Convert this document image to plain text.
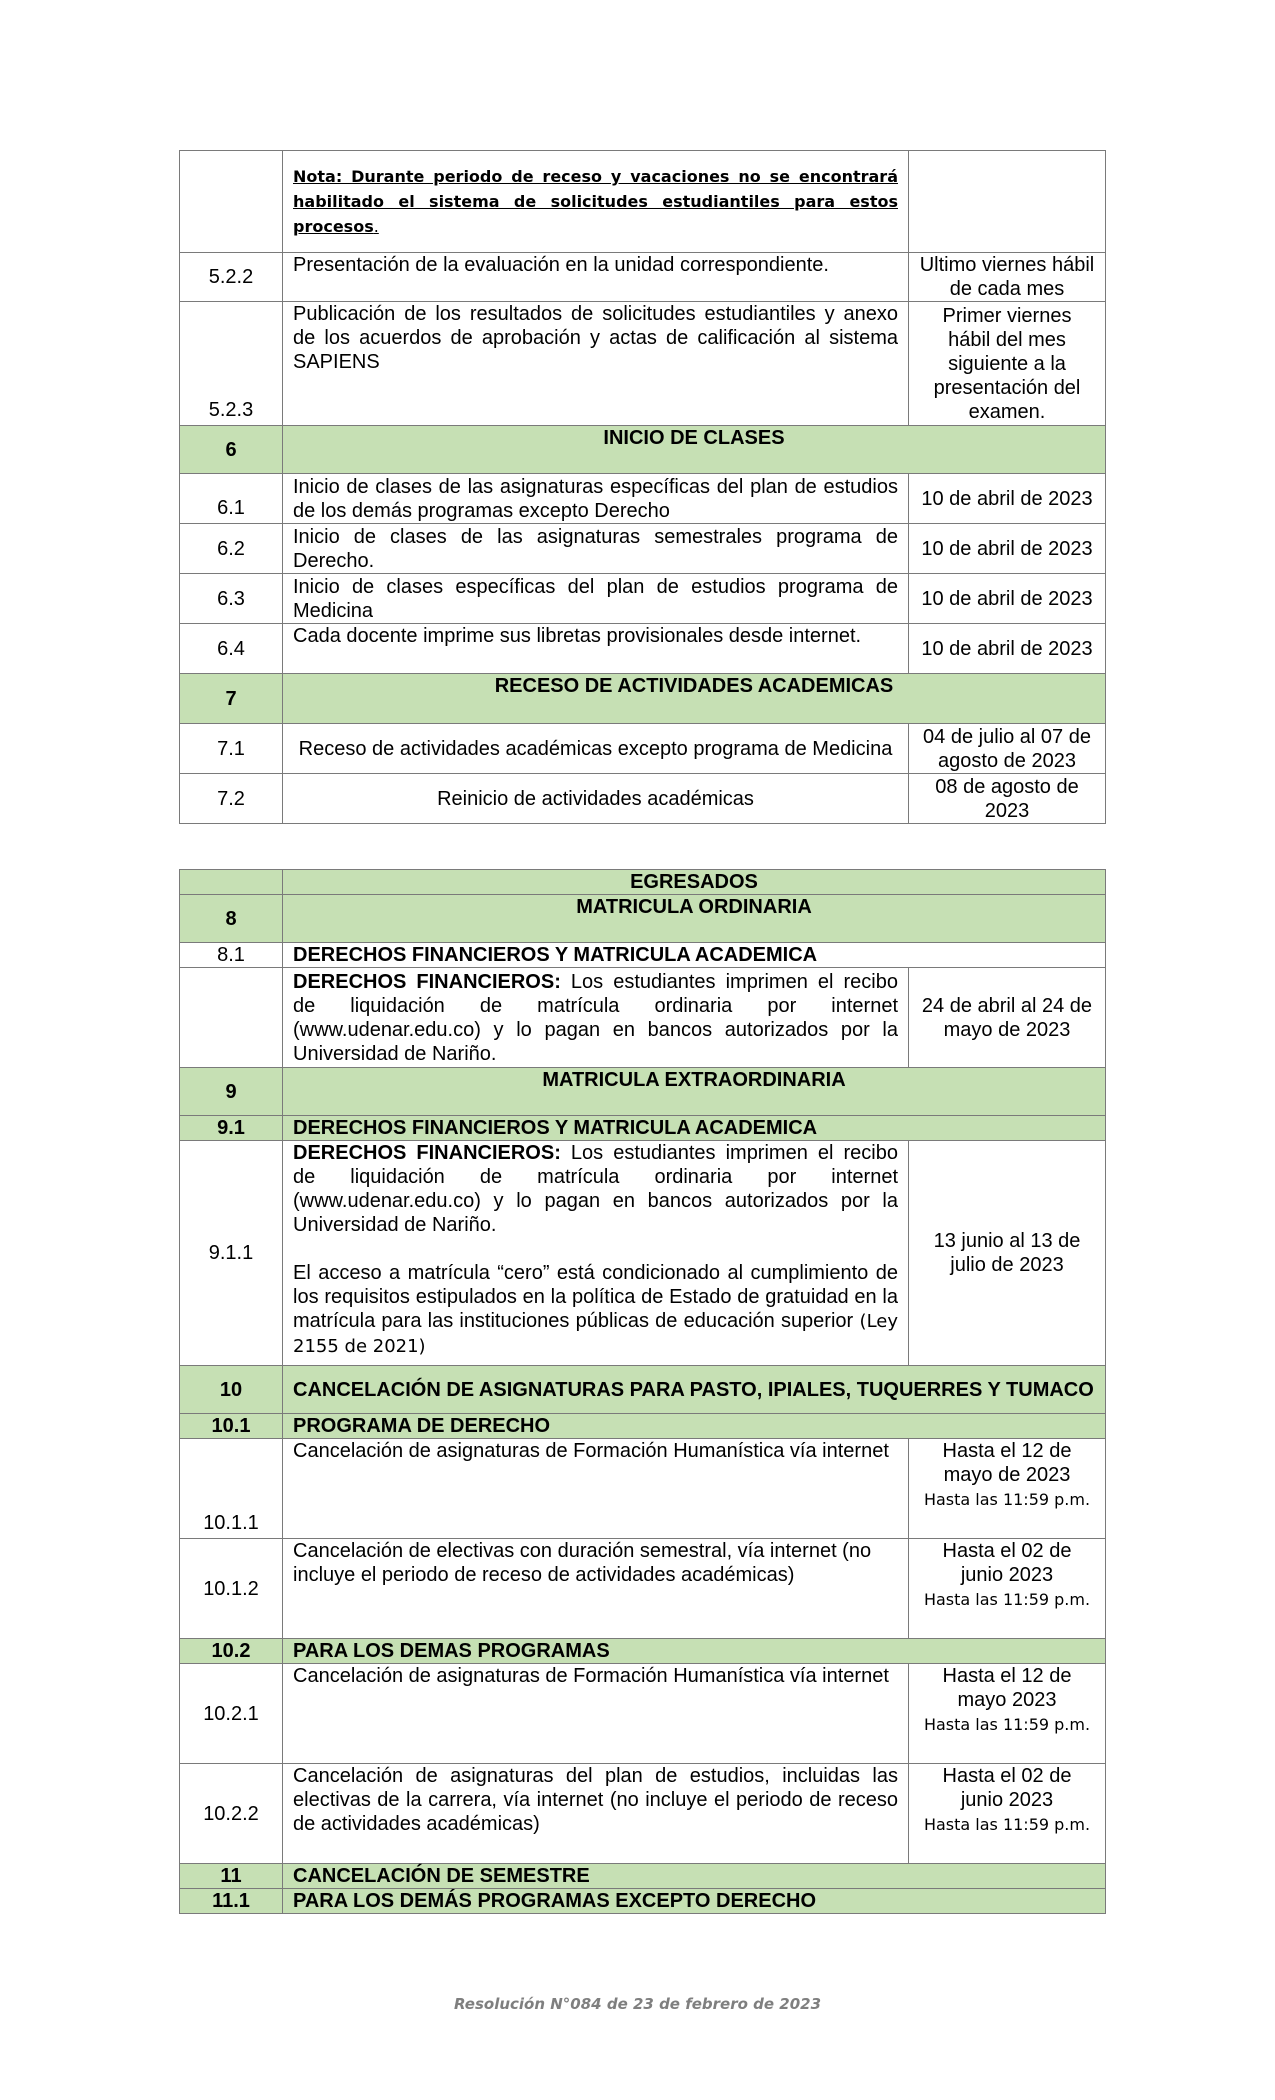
	Nota: Durante periodo de receso y vacaciones no se encontrará habilitado el sistema de solicitudes estudiantiles para estos procesos.	
5.2.2	Presentación de la evaluación en la unidad correspondiente.	Ultimo viernes hábil de cada mes
5.2.3	Publicación de los resultados de solicitudes estudiantiles y anexo de los acuerdos de aprobación y actas de calificación al sistema SAPIENS	Primer viernes hábil del mes siguiente a la presentación del examen.
6	INICIO DE CLASES	
6.1	Inicio de clases de las asignaturas específicas del plan de estudios de los demás programas excepto Derecho	10 de abril de 2023
6.2	Inicio de clases de las asignaturas semestrales programa de Derecho.	10 de abril de 2023
6.3	Inicio de clases específicas del plan de estudios programa de Medicina	10 de abril de 2023
6.4	Cada docente imprime sus libretas provisionales desde internet.	10 de abril de 2023
7	RECESO DE ACTIVIDADES ACADEMICAS	
7.1	Receso de actividades académicas excepto programa de Medicina	04 de julio al 07 de agosto de 2023
7.2	Reinicio de actividades académicas	08 de agosto de 2023
	EGRESADOS	
8	MATRICULA ORDINARIA	
8.1	DERECHOS FINANCIEROS Y MATRICULA ACADEMICA	
	DERECHOS FINANCIEROS: Los estudiantes imprimen el recibo de liquidación de matrícula ordinaria por internet (www.udenar.edu.co) y lo pagan en bancos autorizados por la Universidad de Nariño.	24 de abril al 24 de mayo de 2023
9	MATRICULA EXTRAORDINARIA	
9.1	DERECHOS FINANCIEROS Y MATRICULA ACADEMICA	
9.1.1	DERECHOS FINANCIEROS: Los estudiantes imprimen el recibo de liquidación de matrícula ordinaria por internet (www.udenar.edu.co) y lo pagan en bancos autorizados por la Universidad de Nariño.

El acceso a matrícula “cero” está condicionado al cumplimiento de los requisitos estipulados en la política de Estado de gratuidad en la matrícula para las instituciones públicas de educación superior (Ley 2155 de 2021)	13 junio al 13 de julio de 2023
10	CANCELACIÓN DE ASIGNATURAS PARA PASTO, IPIALES, TUQUERRES Y TUMACO	
10.1	PROGRAMA DE DERECHO	
10.1.1	Cancelación de asignaturas de Formación Humanística vía internet	Hasta el 12 de mayo de 2023
Hasta las 11:59 p.m.
10.1.2	Cancelación de electivas con duración semestral, vía internet (no incluye el periodo de receso de actividades académicas)	Hasta el 02 de junio 2023
Hasta las 11:59 p.m.
10.2	PARA LOS DEMAS PROGRAMAS	
10.2.1	Cancelación de asignaturas de Formación Humanística vía internet	Hasta el 12 de mayo 2023
Hasta las 11:59 p.m.
10.2.2	Cancelación de asignaturas del plan de estudios, incluidas las electivas de la carrera, vía internet (no incluye el periodo de receso de actividades académicas)	Hasta el 02 de junio 2023
Hasta las 11:59 p.m.
11	CANCELACIÓN DE SEMESTRE	
11.1	PARA LOS DEMÁS PROGRAMAS EXCEPTO DERECHO	
Resolución N°084 de 23 de febrero de 2023
